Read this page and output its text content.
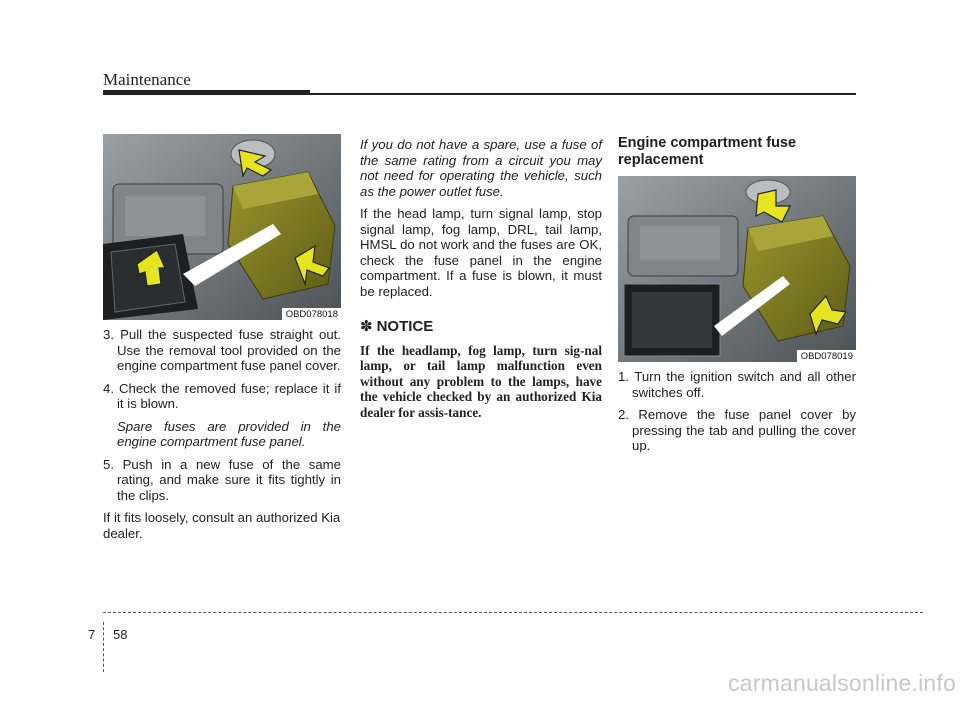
Maintenance
OBD078018
OBD078019

3. Pull the suspected fuse straight out. Use the removal tool provided on the engine compartment fuse panel cover.

4. Check the removed fuse; replace it if it is blown.

Spare fuses are provided in the engine compartment fuse panel.

5. Push in a new fuse of the same rating, and make sure it fits tightly in the clips.

If it fits loosely, consult an authorized Kia dealer.

If you do not have a spare, use a fuse of the same rating from a circuit you may not need for operating the vehicle, such as the power outlet fuse.

If the head lamp, turn signal lamp, stop signal lamp, fog lamp, DRL, tail lamp, HMSL do not work and the fuses are OK, check the fuse panel in the engine compartment. If a fuse is blown, it must be replaced.

✽ NOTICE
If the headlamp, fog lamp, turn sig-nal lamp, or tail lamp malfunction even without any problem to the lamps, have the vehicle checked by an authorized Kia dealer for assis-tance.
Engine compartment fuse replacement

1. Turn the ignition switch and all other switches off.

2. Remove the fuse panel cover by pressing the tab and pulling the cover up.

7 58
carmanualsonline.info
